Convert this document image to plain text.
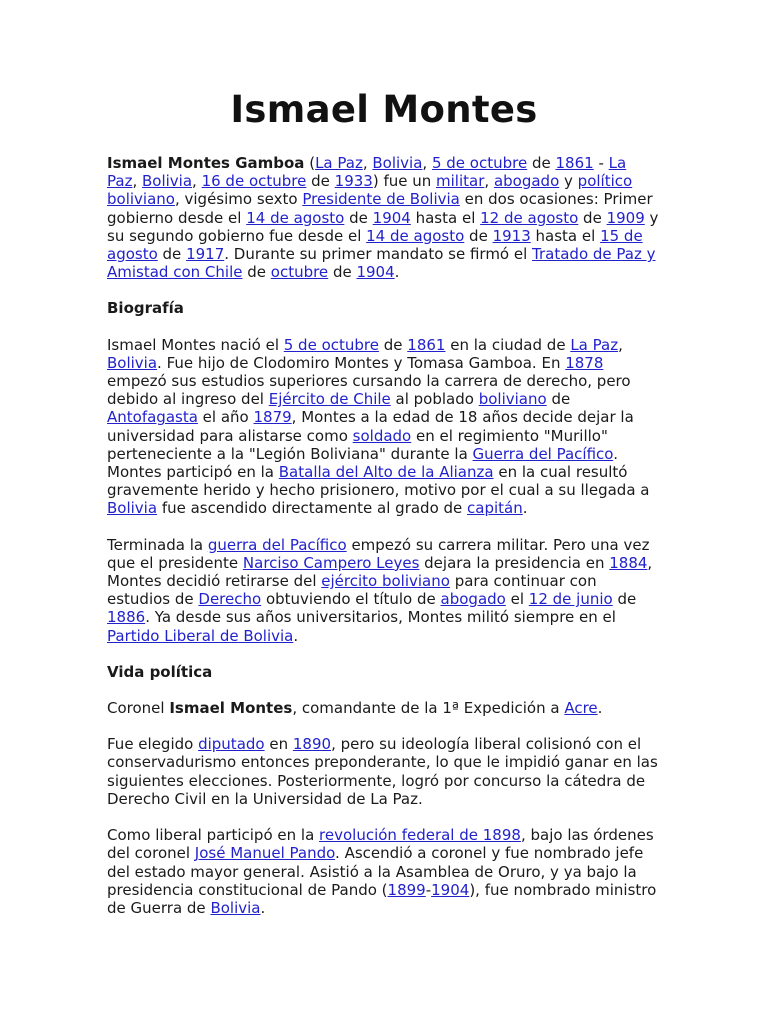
Ismael Montes

Ismael Montes Gamboa (La Paz, Bolivia, 5 de octubre de 1861 - La Paz, Bolivia, 16 de octubre de 1933) fue un militar, abogado y político boliviano, vigésimo sexto Presidente de Bolivia en dos ocasiones: Primer gobierno desde el 14 de agosto de 1904 hasta el 12 de agosto de 1909 y su segundo gobierno fue desde el 14 de agosto de 1913 hasta el 15 de agosto de 1917. Durante su primer mandato se firmó el Tratado de Paz y Amistad con Chile de octubre de 1904.

Biografía

Ismael Montes nació el 5 de octubre de 1861 en la ciudad de La Paz, Bolivia. Fue hijo de Clodomiro Montes y Tomasa Gamboa. En 1878 empezó sus estudios superiores cursando la carrera de derecho, pero debido al ingreso del Ejército de Chile al poblado boliviano de Antofagasta el año 1879, Montes a la edad de 18 años decide dejar la universidad para alistarse como soldado en el regimiento "Murillo" perteneciente a la "Legión Boliviana" durante la Guerra del Pacífico. Montes participó en la Batalla del Alto de la Alianza en la cual resultó gravemente herido y hecho prisionero, motivo por el cual a su llegada a Bolivia fue ascendido directamente al grado de capitán.

Terminada la guerra del Pacífico empezó su carrera militar. Pero una vez que el presidente Narciso Campero Leyes dejara la presidencia en 1884, Montes decidió retirarse del ejército boliviano para continuar con estudios de Derecho obtuviendo el título de abogado el 12 de junio de 1886. Ya desde sus años universitarios, Montes militó siempre en el Partido Liberal de Bolivia.

Vida política

Coronel Ismael Montes, comandante de la 1ª Expedición a Acre.

Fue elegido diputado en 1890, pero su ideología liberal colisionó con el conservadurismo entonces preponderante, lo que le impidió ganar en las siguientes elecciones. Posteriormente, logró por concurso la cátedra de Derecho Civil en la Universidad de La Paz.

Como liberal participó en la revolución federal de 1898, bajo las órdenes del coronel José Manuel Pando. Ascendió a coronel y fue nombrado jefe del estado mayor general. Asistió a la Asamblea de Oruro, y ya bajo la presidencia constitucional de Pando (1899-1904), fue nombrado ministro de Guerra de Bolivia.
